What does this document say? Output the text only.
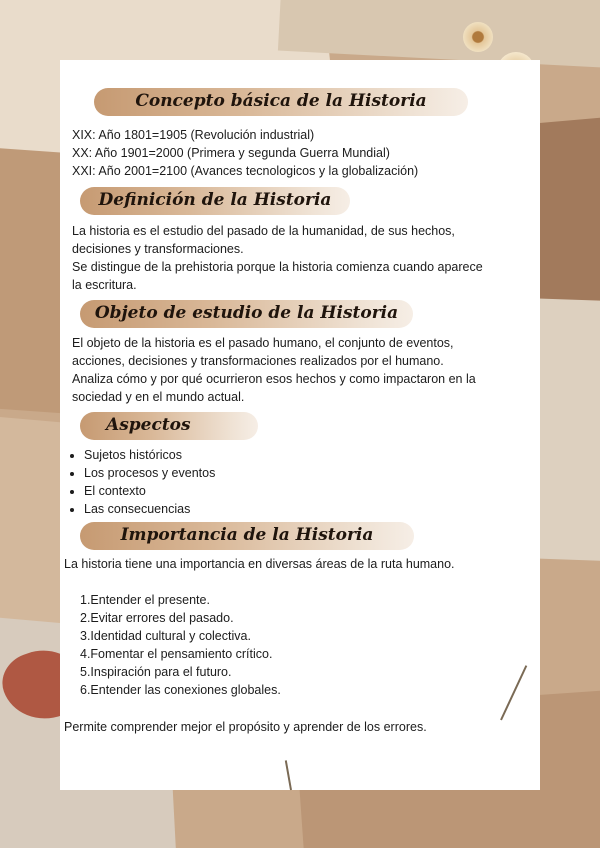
Concepto básica de la Historia
XIX: Año 1801=1905 (Revolución industrial)
XX: Año 1901=2000 (Primera y segunda Guerra Mundial)
XXI: Año 2001=2100 (Avances tecnologicos y la globalización)
Definición de la Historia
La historia es el estudio del pasado de la humanidad, de sus hechos,
decisiones y transformaciones.
Se distingue de la prehistoria porque la historia comienza cuando aparece
la escritura.
Objeto de estudio de la Historia
El objeto de la historia es el pasado humano, el conjunto de eventos,
acciones, decisiones y transformaciones realizados por el humano.
Analiza cómo y por qué ocurrieron esos hechos y como impactaron en la
sociedad y en el mundo actual.
Aspectos
• Sujetos históricos
• Los procesos y eventos
• El contexto
• Las consecuencias
Importancia de la Historia
La historia tiene una importancia en diversas áreas de la ruta humano.
1.Entender el presente.
2.Evitar errores del pasado.
3.Identidad cultural y colectiva.
4.Fomentar el pensamiento crítico.
5.Inspiración para el futuro.
6.Entender las conexiones globales.
Permite comprender mejor el propósito y aprender de los errores.
